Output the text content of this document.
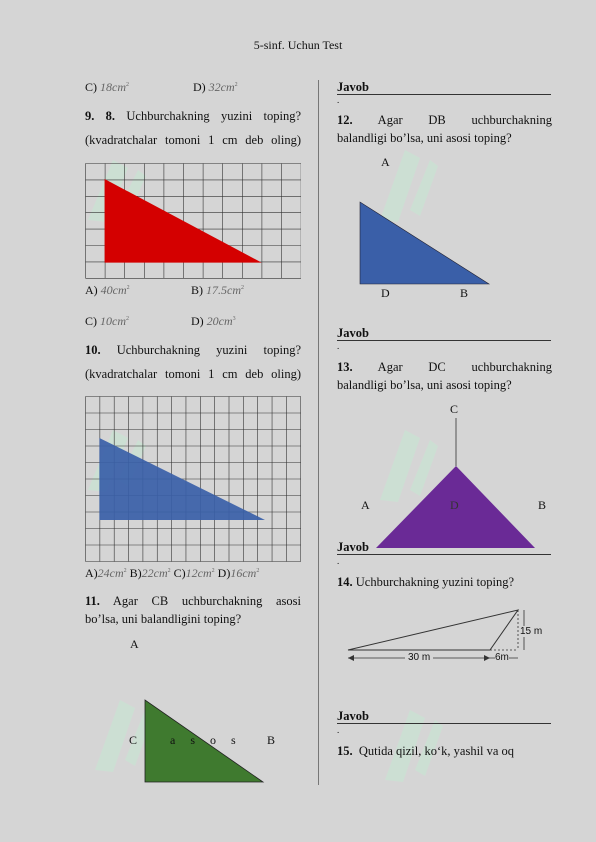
5-sinf. Uchun Test
C) $18cm^2$	D) $32cm^2$
9. 8. Uchburchakning yuzini toping?
(kvadratchalar tomoni 1 cm deb oling)
A) $40cm^2$	B) $17.5cm^2$
C) $10cm^2$	D) $20cm^3$
10. Uchburchakning yuzini toping?
(kvadratchalar tomoni 1 cm deb oling)
$A)24cm^2$ $B)22cm^2$ $C)12cm^2$ $D)16cm^2$
11. Agar CB uchburchakning asosi
bo’lsa, uni balandligini toping?
A
C	a s o s B
Javob
.
12. Agar DB uchburchakning
balandligi bo’lsa, uni asosi toping?
A
D	B
Javob
.
13. Agar DC uchburchakning
balandligi bo’lsa, uni asosi toping?
C
A	D	B
Javob
.
14. Uchburchakning yuzini toping?
15 m
30 m	6m
Javob
.
15. Qutida qizil, ko‘k, yashil va oq
